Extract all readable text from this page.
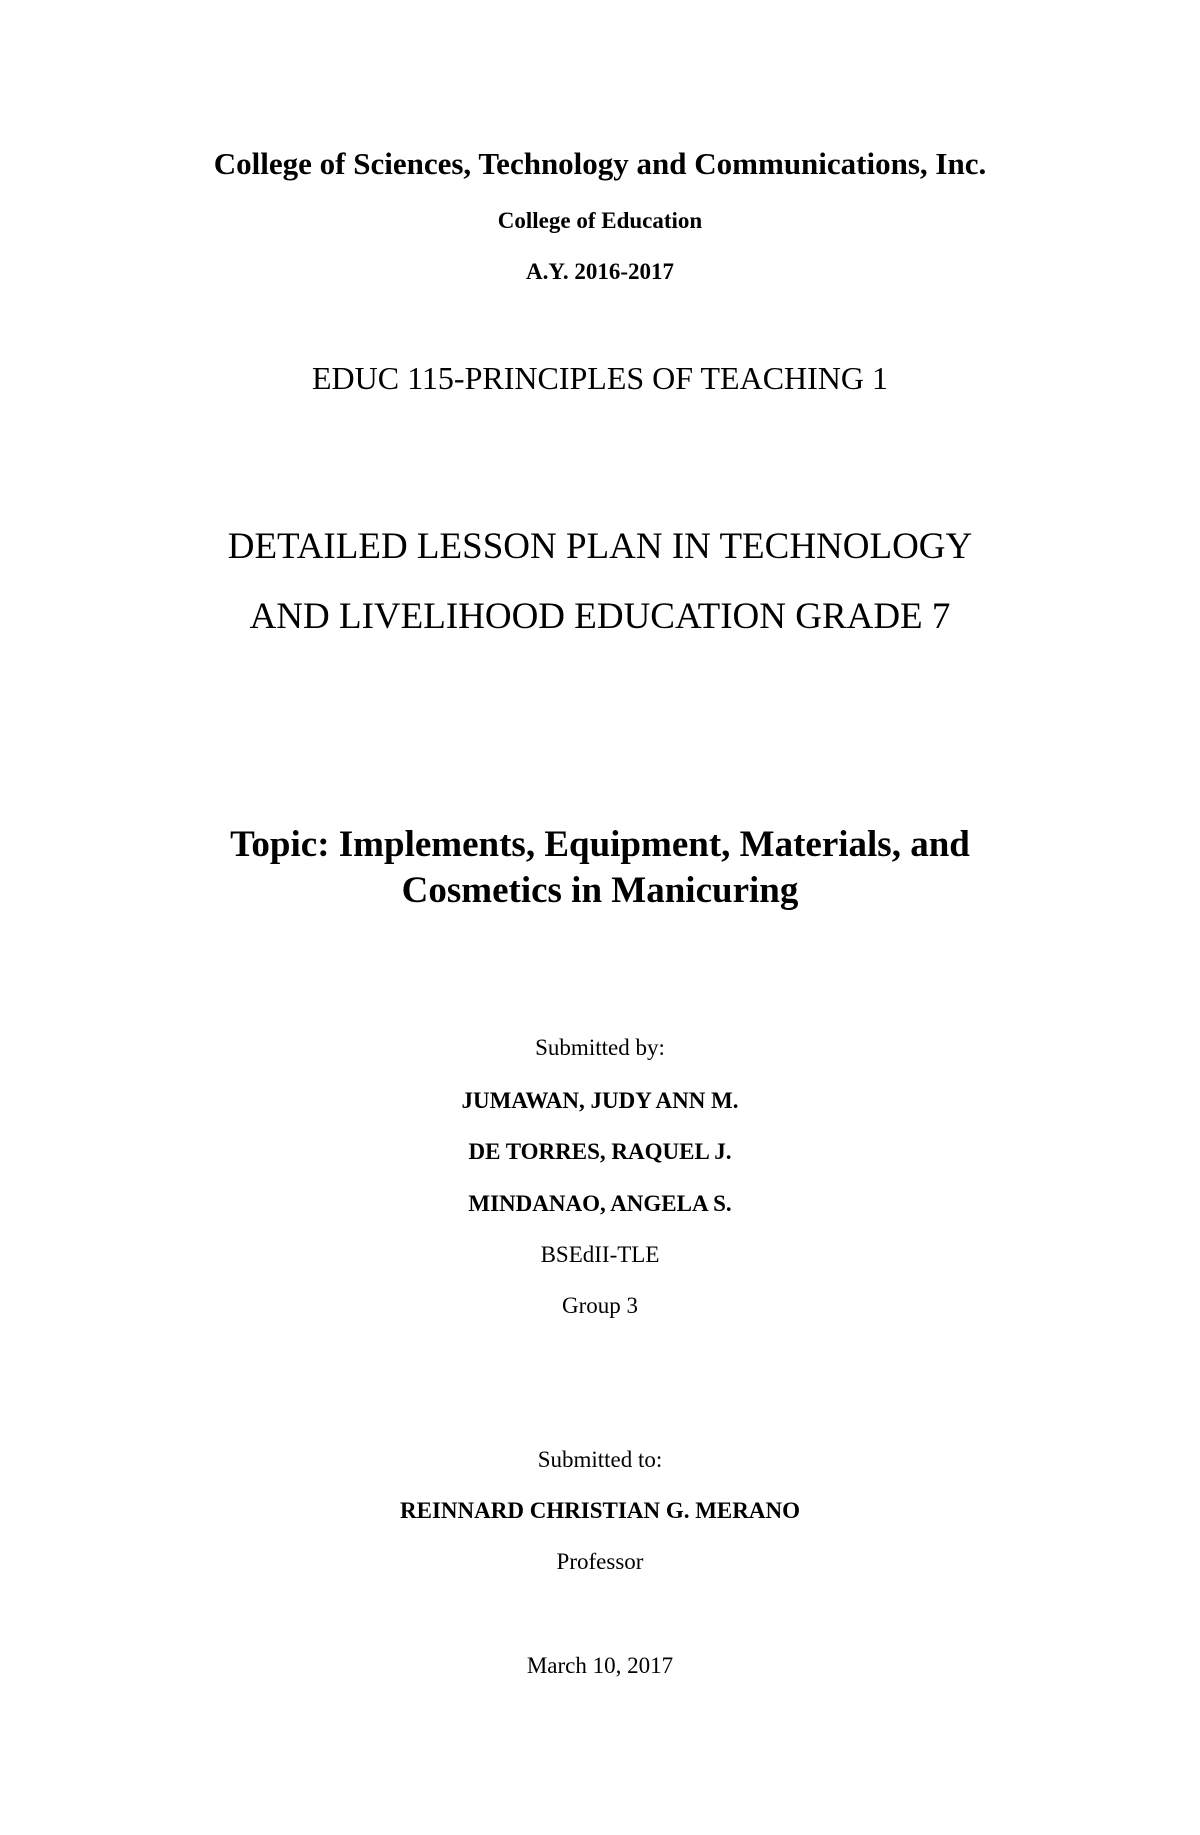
College of Sciences, Technology and Communications, Inc.
College of Education
A.Y. 2016-2017
EDUC 115-PRINCIPLES OF TEACHING 1
DETAILED LESSON PLAN IN TECHNOLOGY
AND LIVELIHOOD EDUCATION GRADE 7
Topic: Implements, Equipment, Materials, and
Cosmetics in Manicuring
Submitted by:
JUMAWAN, JUDY ANN M.
DE TORRES, RAQUEL J.
MINDANAO, ANGELA S.
BSEdII-TLE
Group 3
Submitted to:
REINNARD CHRISTIAN G. MERANO
Professor
March 10, 2017
